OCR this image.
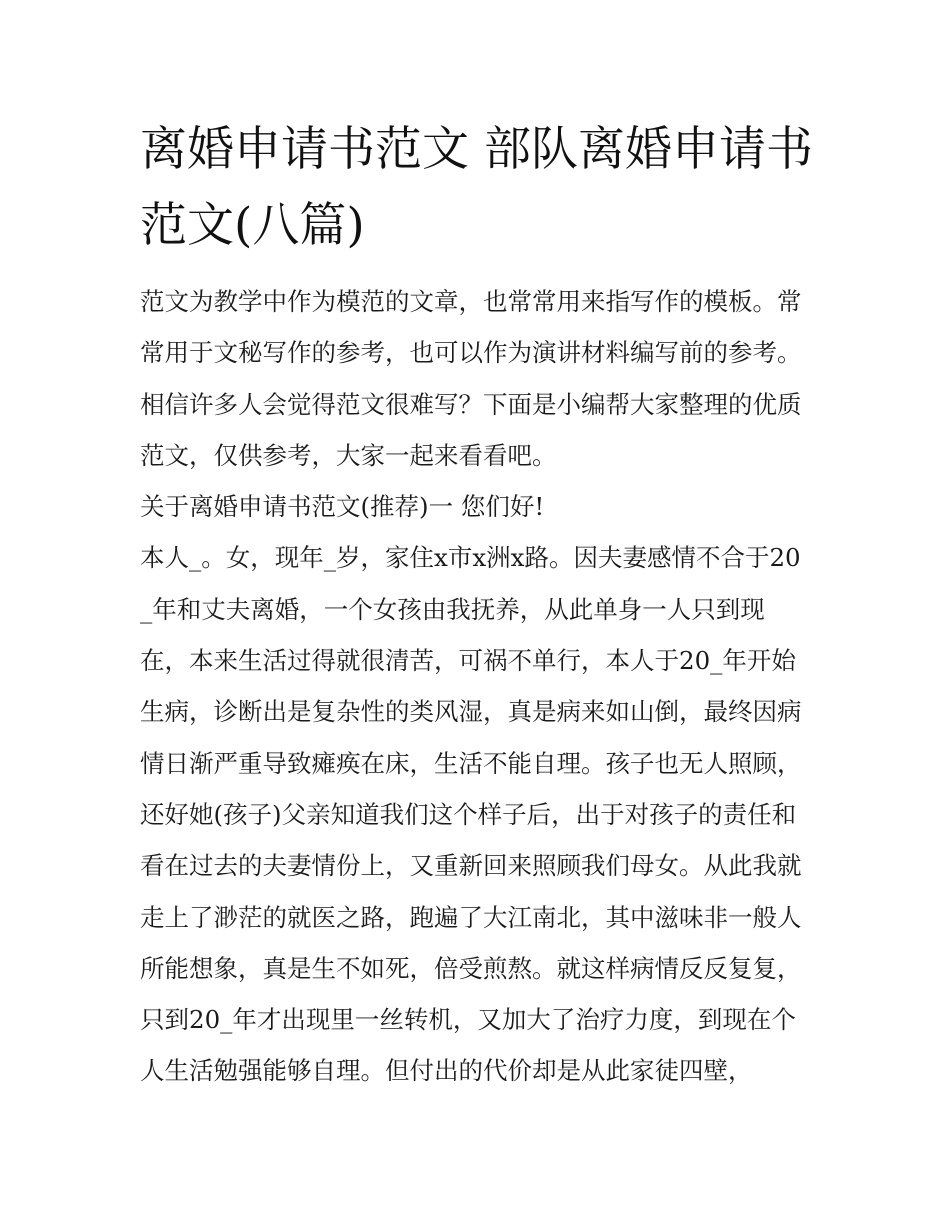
离婚申请书范文 部队离婚申请书范文(八篇)

范文为教学中作为模范的文章，也常常用来指写作的模板。常常用于文秘写作的参考，也可以作为演讲材料编写前的参考。相信许多人会觉得范文很难写？下面是小编帮大家整理的优质范文，仅供参考，大家一起来看看吧。

关于离婚申请书范文(推荐)一 您们好!

本人_。女，现年_岁，家住x市x洲x路。因夫妻感情不合于20_年和丈夫离婚，一个女孩由我抚养，从此单身一人只到现在，本来生活过得就很清苦，可祸不单行，本人于20_年开始生病，诊断出是复杂性的类风湿，真是病来如山倒，最终因病情日渐严重导致瘫痪在床，生活不能自理。孩子也无人照顾，还好她(孩子)父亲知道我们这个样子后，出于对孩子的责任和看在过去的夫妻情份上，又重新回来照顾我们母女。从此我就走上了渺茫的就医之路，跑遍了大江南北，其中滋味非一般人所能想象，真是生不如死，倍受煎熬。就这样病情反反复复，只到20_年才出现里一丝转机，又加大了治疗力度，到现在个人生活勉强能够自理。但付出的代价却是从此家徒四壁，
